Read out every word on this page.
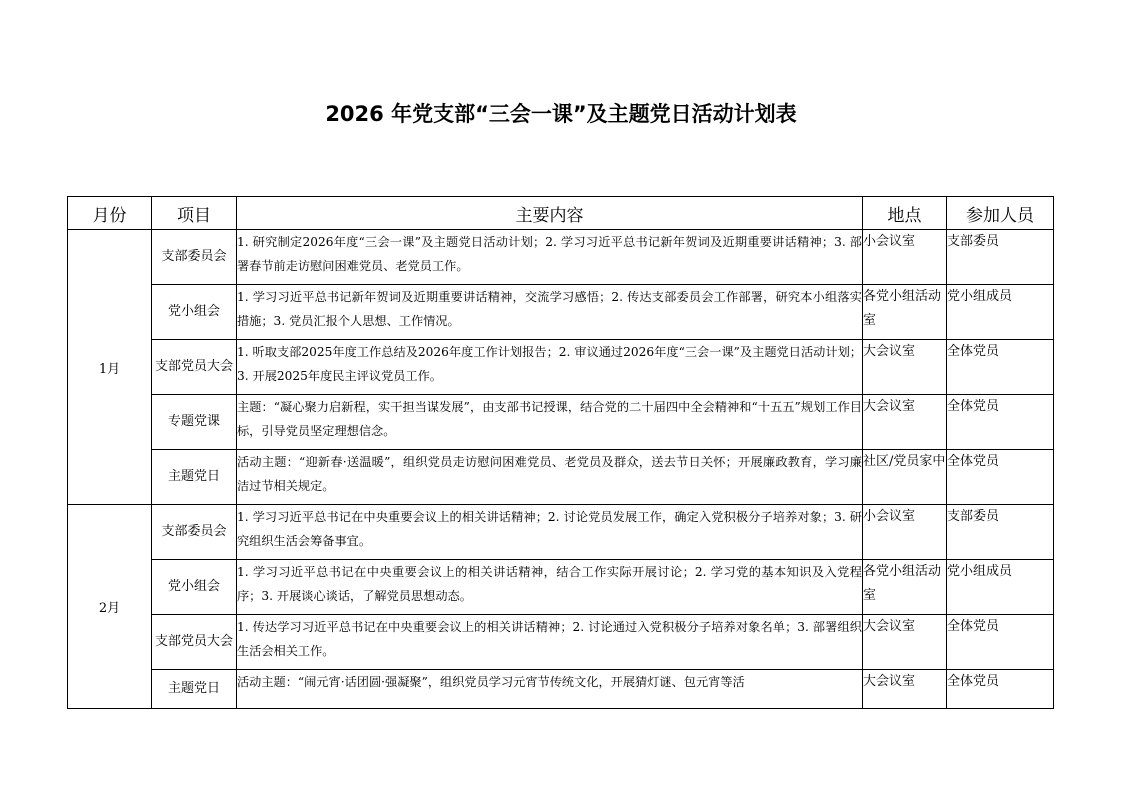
2026 年党支部“三会一课”及主题党日活动计划表
月份	项目	主要内容	地点	参加人员
1月	支部委员会	1. 研究制定2026年度“三会一课”及主题党日活动计划；2. 学习习近平总书记新年贺词及近期重要讲话精神；3. 部署春节前走访慰问困难党员、老党员工作。	小会议室	支部委员
	党小组会	1. 学习习近平总书记新年贺词及近期重要讲话精神，交流学习感悟；2. 传达支部委员会工作部署，研究本小组落实措施；3. 党员汇报个人思想、工作情况。	各党小组活动室	党小组成员
	支部党员大会	1. 听取支部2025年度工作总结及2026年度工作计划报告；2. 审议通过2026年度“三会一课”及主题党日活动计划；3. 开展2025年度民主评议党员工作。	大会议室	全体党员
	专题党课	主题：“凝心聚力启新程，实干担当谋发展”，由支部书记授课，结合党的二十届四中全会精神和“十五五”规划工作目标，引导党员坚定理想信念。	大会议室	全体党员
	主题党日	活动主题：“迎新春·送温暖”，组织党员走访慰问困难党员、老党员及群众，送去节日关怀；开展廉政教育，学习廉洁过节相关规定。	社区/党员家中	全体党员
2月	支部委员会	1. 学习习近平总书记在中央重要会议上的相关讲话精神；2. 讨论党员发展工作，确定入党积极分子培养对象；3. 研究组织生活会筹备事宜。	小会议室	支部委员
	党小组会	1. 学习习近平总书记在中央重要会议上的相关讲话精神，结合工作实际开展讨论；2. 学习党的基本知识及入党程序；3. 开展谈心谈话，了解党员思想动态。	各党小组活动室	党小组成员
	支部党员大会	1. 传达学习习近平总书记在中央重要会议上的相关讲话精神；2. 讨论通过入党积极分子培养对象名单；3. 部署组织生活会相关工作。	大会议室	全体党员
	主题党日	活动主题：“闹元宵·话团圆·强凝聚”，组织党员学习元宵节传统文化，开展猜灯谜、包元宵等活	大会议室	全体党员
